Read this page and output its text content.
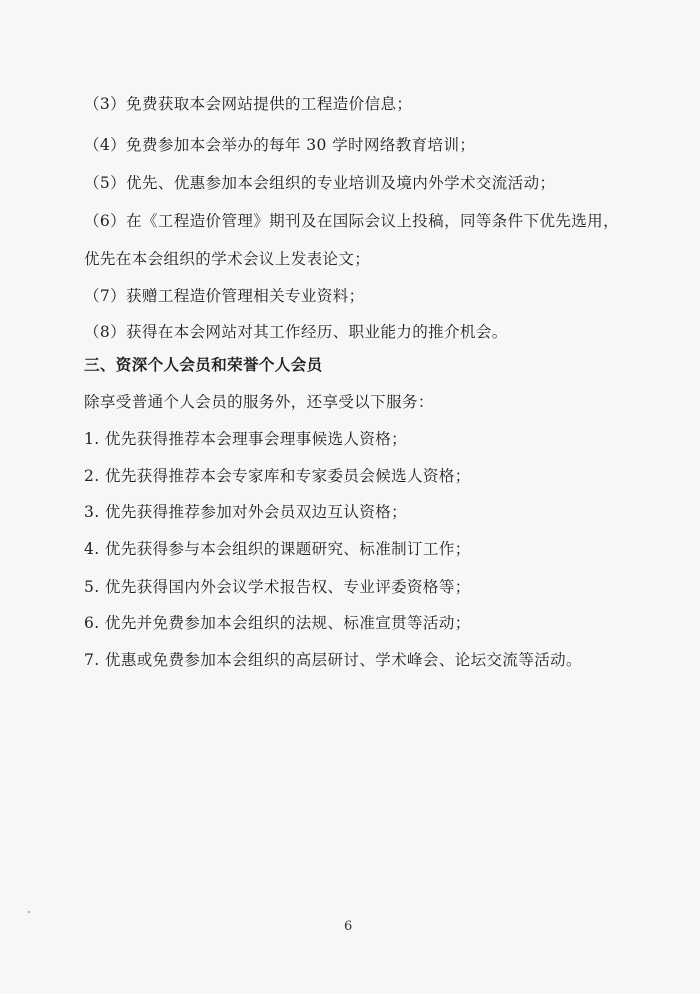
（3）免费获取本会网站提供的工程造价信息；
（4）免费参加本会举办的每年 30 学时网络教育培训；
（5）优先、优惠参加本会组织的专业培训及境内外学术交流活动；
（6）在《工程造价管理》期刊及在国际会议上投稿，同等条件下优先选用，
优先在本会组织的学术会议上发表论文；
（7）获赠工程造价管理相关专业资料；
（8）获得在本会网站对其工作经历、职业能力的推介机会。
三、资深个人会员和荣誉个人会员
除享受普通个人会员的服务外，还享受以下服务：
1. 优先获得推荐本会理事会理事候选人资格；
2. 优先获得推荐本会专家库和专家委员会候选人资格；
3. 优先获得推荐参加对外会员双边互认资格；
4. 优先获得参与本会组织的课题研究、标准制订工作；
5. 优先获得国内外会议学术报告权、专业评委资格等；
6. 优先并免费参加本会组织的法规、标准宣贯等活动；
7. 优惠或免费参加本会组织的高层研讨、学术峰会、论坛交流等活动。
6
